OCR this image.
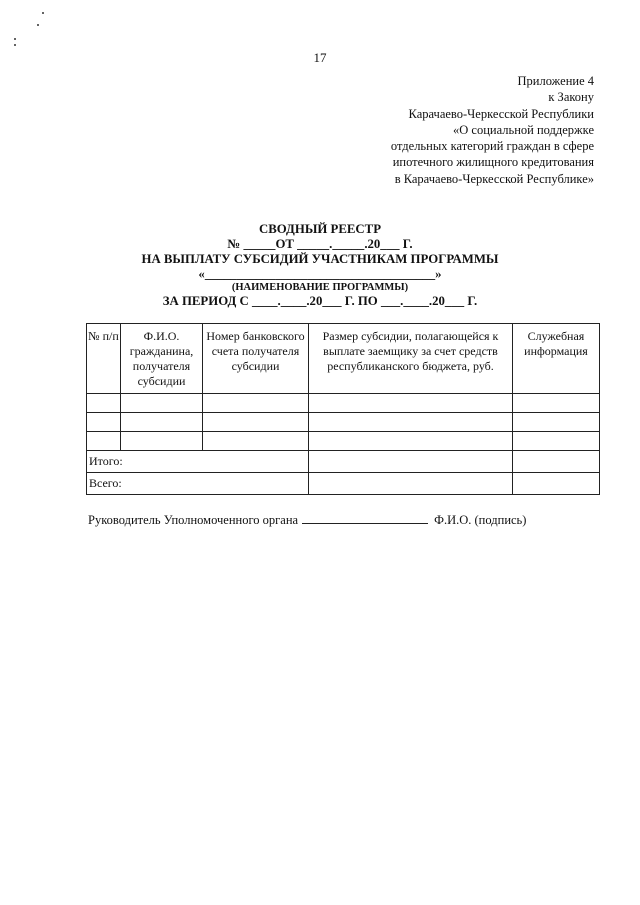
17
Приложение 4
к Закону
Карачаево-Черкесской Республики
«О социальной поддержке
отдельных категорий граждан в сфере
ипотечного жилищного кредитования
в Карачаево-Черкесской Республике»
СВОДНЫЙ РЕЕСТР
№ _____ОТ _____._____.20___ Г.
НА ВЫПЛАТУ СУБСИДИЙ УЧАСТНИКАМ ПРОГРАММЫ
«____________________________________»
(НАИМЕНОВАНИЕ ПРОГРАММЫ)
ЗА ПЕРИОД С ____.____.20___ Г. ПО ___.____.20___ Г.
№ п/п	Ф.И.О. гражданина, получателя субсидии	Номер банковского счета получателя субсидии	Размер субсидии, полагающейся к выплате заемщику за счет средств республиканского бюджета, руб.	Служебная информация

Итого:				
Всего:				
Руководитель Уполномоченного органа	Ф.И.О. (подпись)
